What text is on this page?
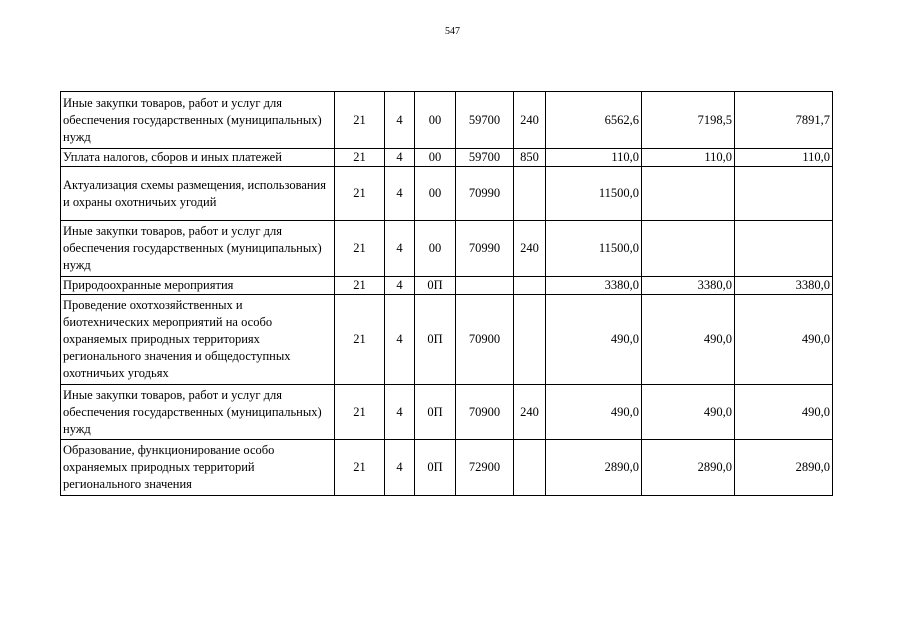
547
Иные закупки товаров, работ и услуг для обеспечения государственных (муниципальных) нужд	21	4	00	59700	240	6562,6	7198,5	7891,7
Уплата налогов, сборов и иных платежей	21	4	00	59700	850	110,0	110,0	110,0
Актуализация схемы размещения, использования и охраны охотничьих угодий	21	4	00	70990		11500,0		
Иные закупки товаров, работ и услуг для обеспечения государственных (муниципальных) нужд	21	4	00	70990	240	11500,0		
Природоохранные мероприятия	21	4	0П			3380,0	3380,0	3380,0
Проведение охотхозяйственных и биотехнических мероприятий на особо охраняемых природных территориях регионального значения и общедоступных охотничьих угодьях	21	4	0П	70900		490,0	490,0	490,0
Иные закупки товаров, работ и услуг для обеспечения государственных (муниципальных) нужд	21	4	0П	70900	240	490,0	490,0	490,0
Образование, функционирование особо охраняемых природных территорий регионального значения	21	4	0П	72900		2890,0	2890,0	2890,0
